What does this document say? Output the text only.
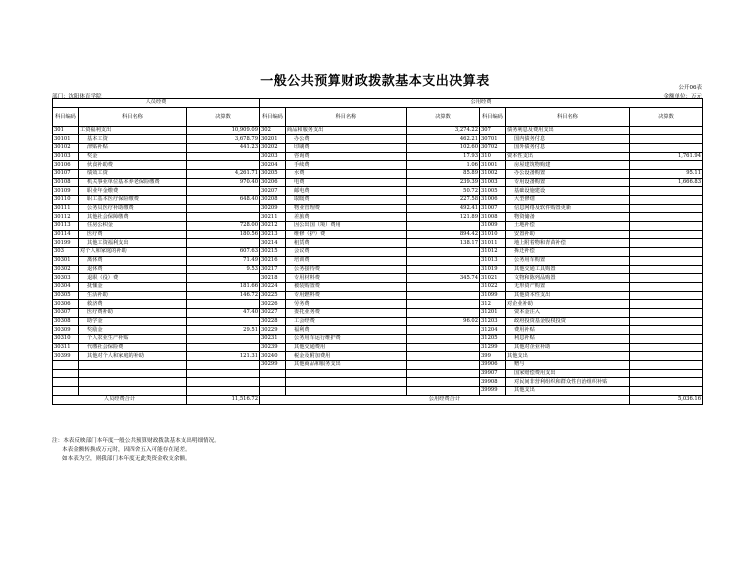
一般公共预算财政拨款基本支出决算表	公开06表
部门：沈阳体育学院	金额单位：万元
人员经费			公用经费					
科目编码	科目名称	决算数	科目编码	科目名称	决算数	科目编码	科目名称	决算数
301	工资福利支出	10,909.09	302	商品和服务支出	3,274.22	307	债务利息及费用支出	
30101	基本工资	3,678.79	30201	办公费	462.21	30701	国内债务付息	
30102	津贴补贴	441.23	30202	印刷费	102.60	30702	国外债务付息	
30103	奖金		30203	咨询费	17.93	310	资本性支出	1,761.94
30106	伙食补助费		30204	手续费	1.06	31001	房屋建筑物购建	
30107	绩效工资	4,261.71	30205	水费	85.89	31002	办公设备购置	95.11
30108	机关事业单位基本养老保险缴费	970.40	30206	电费	239.39	31003	专用设备购置	1,666.83
30109	职业年金缴费		30207	邮电费	50.72	31005	基础设施建设	
30110	职工基本医疗保险缴费	648.40	30208	取暖费	227.58	31006	大型修缮	
30111	公务员医疗补助缴费		30209	物业管理费	492.41	31007	信息网络及软件购置更新	
30112	其他社会保障缴费		30211	差旅费	121.89	31008	物资储备	
30113	住房公积金	728.00	30212	因公出国（境）费用		31009	土地补偿	
30114	医疗费	180.56	30213	维修（护）费	894.42	31010	安置补助	
30199	其他工资福利支出		30214	租赁费	138.17	31011	地上附着物和青苗补偿	
303	对个人和家庭的补助	607.63	30215	会议费		31012	拆迁补偿	
30301	离休费	71.49	30216	培训费		31013	公务用车购置	
30302	退休费	9.53	30217	公务接待费		31019	其他交通工具购置	
30303	退职（役）费		30218	专用材料费	345.74	31021	文物和陈列品购置	
30304	抚恤金	181.66	30224	被装购置费		31022	无形资产购置	
30305	生活补助	146.72	30225	专用燃料费		31099	其他资本性支出	
30306	救济费		30226	劳务费		312	对企业补助	
30307	医疗费补助	47.40	30227	委托业务费		31201	资本金注入	
30308	助学金		30228	工会经费	96.02	31203	政府投资基金股权投资	
30309	奖励金	29.51	30229	福利费		31204	费用补贴	
30310	个人农业生产补贴		30231	公务用车运行维护费		31205	利息补贴	
30311	代缴社会保险费		30239	其他交通费用		31299	其他对企业补助	
30399	其他对个人和家庭的补助	121.31	30240	税金及附加费用		399	其他支出	
			30299	其他商品和服务支出		39906	赠与	
						39907	国家赔偿费用支出	
						39908	对民间非营利组织和群众性自治组织补贴	
						39999	其他支出	
人员经费合计		11,516.72	公用经费合计					5,036.16
注：本表反映部门本年度一般公共预算财政拨款基本支出明细情况。
本表金额转换成万元时，因四舍五入可能存在尾差。
如本表为空，则我部门本年度无此类资金收支余额。
